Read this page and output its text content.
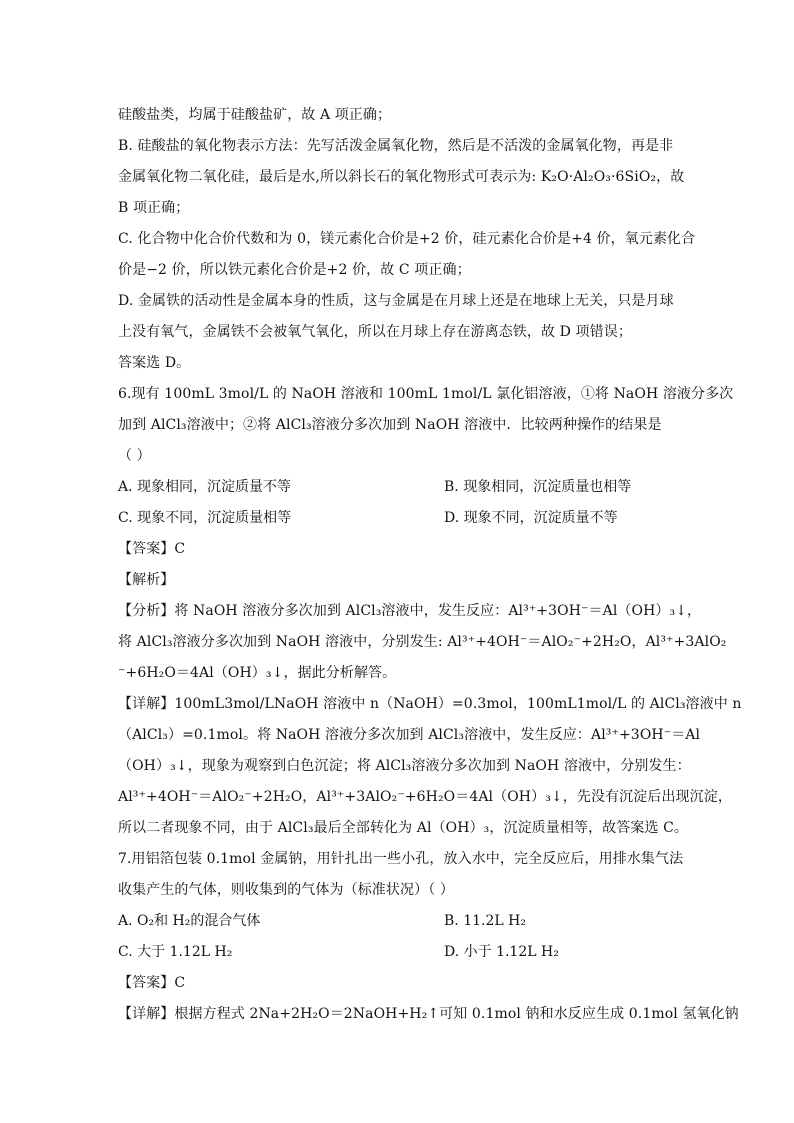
硅酸盐类，均属于硅酸盐矿，故 A 项正确；
B. 硅酸盐的氧化物表示方法：先写活泼金属氧化物，然后是不活泼的金属氧化物，再是非
金属氧化物二氧化硅，最后是水,所以斜长石的氧化物形式可表示为: K₂O·Al₂O₃·6SiO₂，故
B 项正确；
C. 化合物中化合价代数和为 0，镁元素化合价是+2 价，硅元素化合价是+4 价，氧元素化合
价是−2 价，所以铁元素化合价是+2 价，故 C 项正确；
D. 金属铁的活动性是金属本身的性质，这与金属是在月球上还是在地球上无关，只是月球
上没有氧气，金属铁不会被氧气氧化，所以在月球上存在游离态铁，故 D 项错误；
答案选 D。
6.现有 100mL 3mol/L 的 NaOH 溶液和 100mL 1mol/L 氯化铝溶液，①将 NaOH 溶液分多次
加到 AlCl₃溶液中；②将 AlCl₃溶液分多次加到 NaOH 溶液中．比较两种操作的结果是
（ ）
A. 现象相同，沉淀质量不等	B. 现象相同，沉淀质量也相等
C. 现象不同，沉淀质量相等	D. 现象不同，沉淀质量不等
【答案】C
【解析】
【分析】将 NaOH 溶液分多次加到 AlCl₃溶液中，发生反应：Al³⁺+3OH⁻＝Al（OH）₃↓，
将 AlCl₃溶液分多次加到 NaOH 溶液中，分别发生: Al³⁺+4OH⁻＝AlO₂⁻+2H₂O，Al³⁺+3AlO₂
⁻+6H₂O＝4Al（OH）₃↓，据此分析解答。
【详解】100mL3mol/LNaOH 溶液中 n（NaOH）=0.3mol，100mL1mol/L 的 AlCl₃溶液中 n
（AlCl₃）=0.1mol。将 NaOH 溶液分多次加到 AlCl₃溶液中，发生反应：Al³⁺+3OH⁻＝Al
（OH）₃↓，现象为观察到白色沉淀；将 AlCl₃溶液分多次加到 NaOH 溶液中，分别发生：
Al³⁺+4OH⁻＝AlO₂⁻+2H₂O，Al³⁺+3AlO₂⁻+6H₂O＝4Al（OH）₃↓，先没有沉淀后出现沉淀，
所以二者现象不同，由于 AlCl₃最后全部转化为 Al（OH）₃，沉淀质量相等，故答案选 C。
7.用铝箔包装 0.1mol 金属钠，用针扎出一些小孔，放入水中，完全反应后，用排水集气法
收集产生的气体，则收集到的气体为（标准状况）（ ）
A. O₂和 H₂的混合气体	B. 11.2L H₂
C. 大于 1.12L H₂	D. 小于 1.12L H₂
【答案】C
【详解】根据方程式 2Na+2H₂O＝2NaOH+H₂↑可知 0.1mol 钠和水反应生成 0.1mol 氢氧化钠
